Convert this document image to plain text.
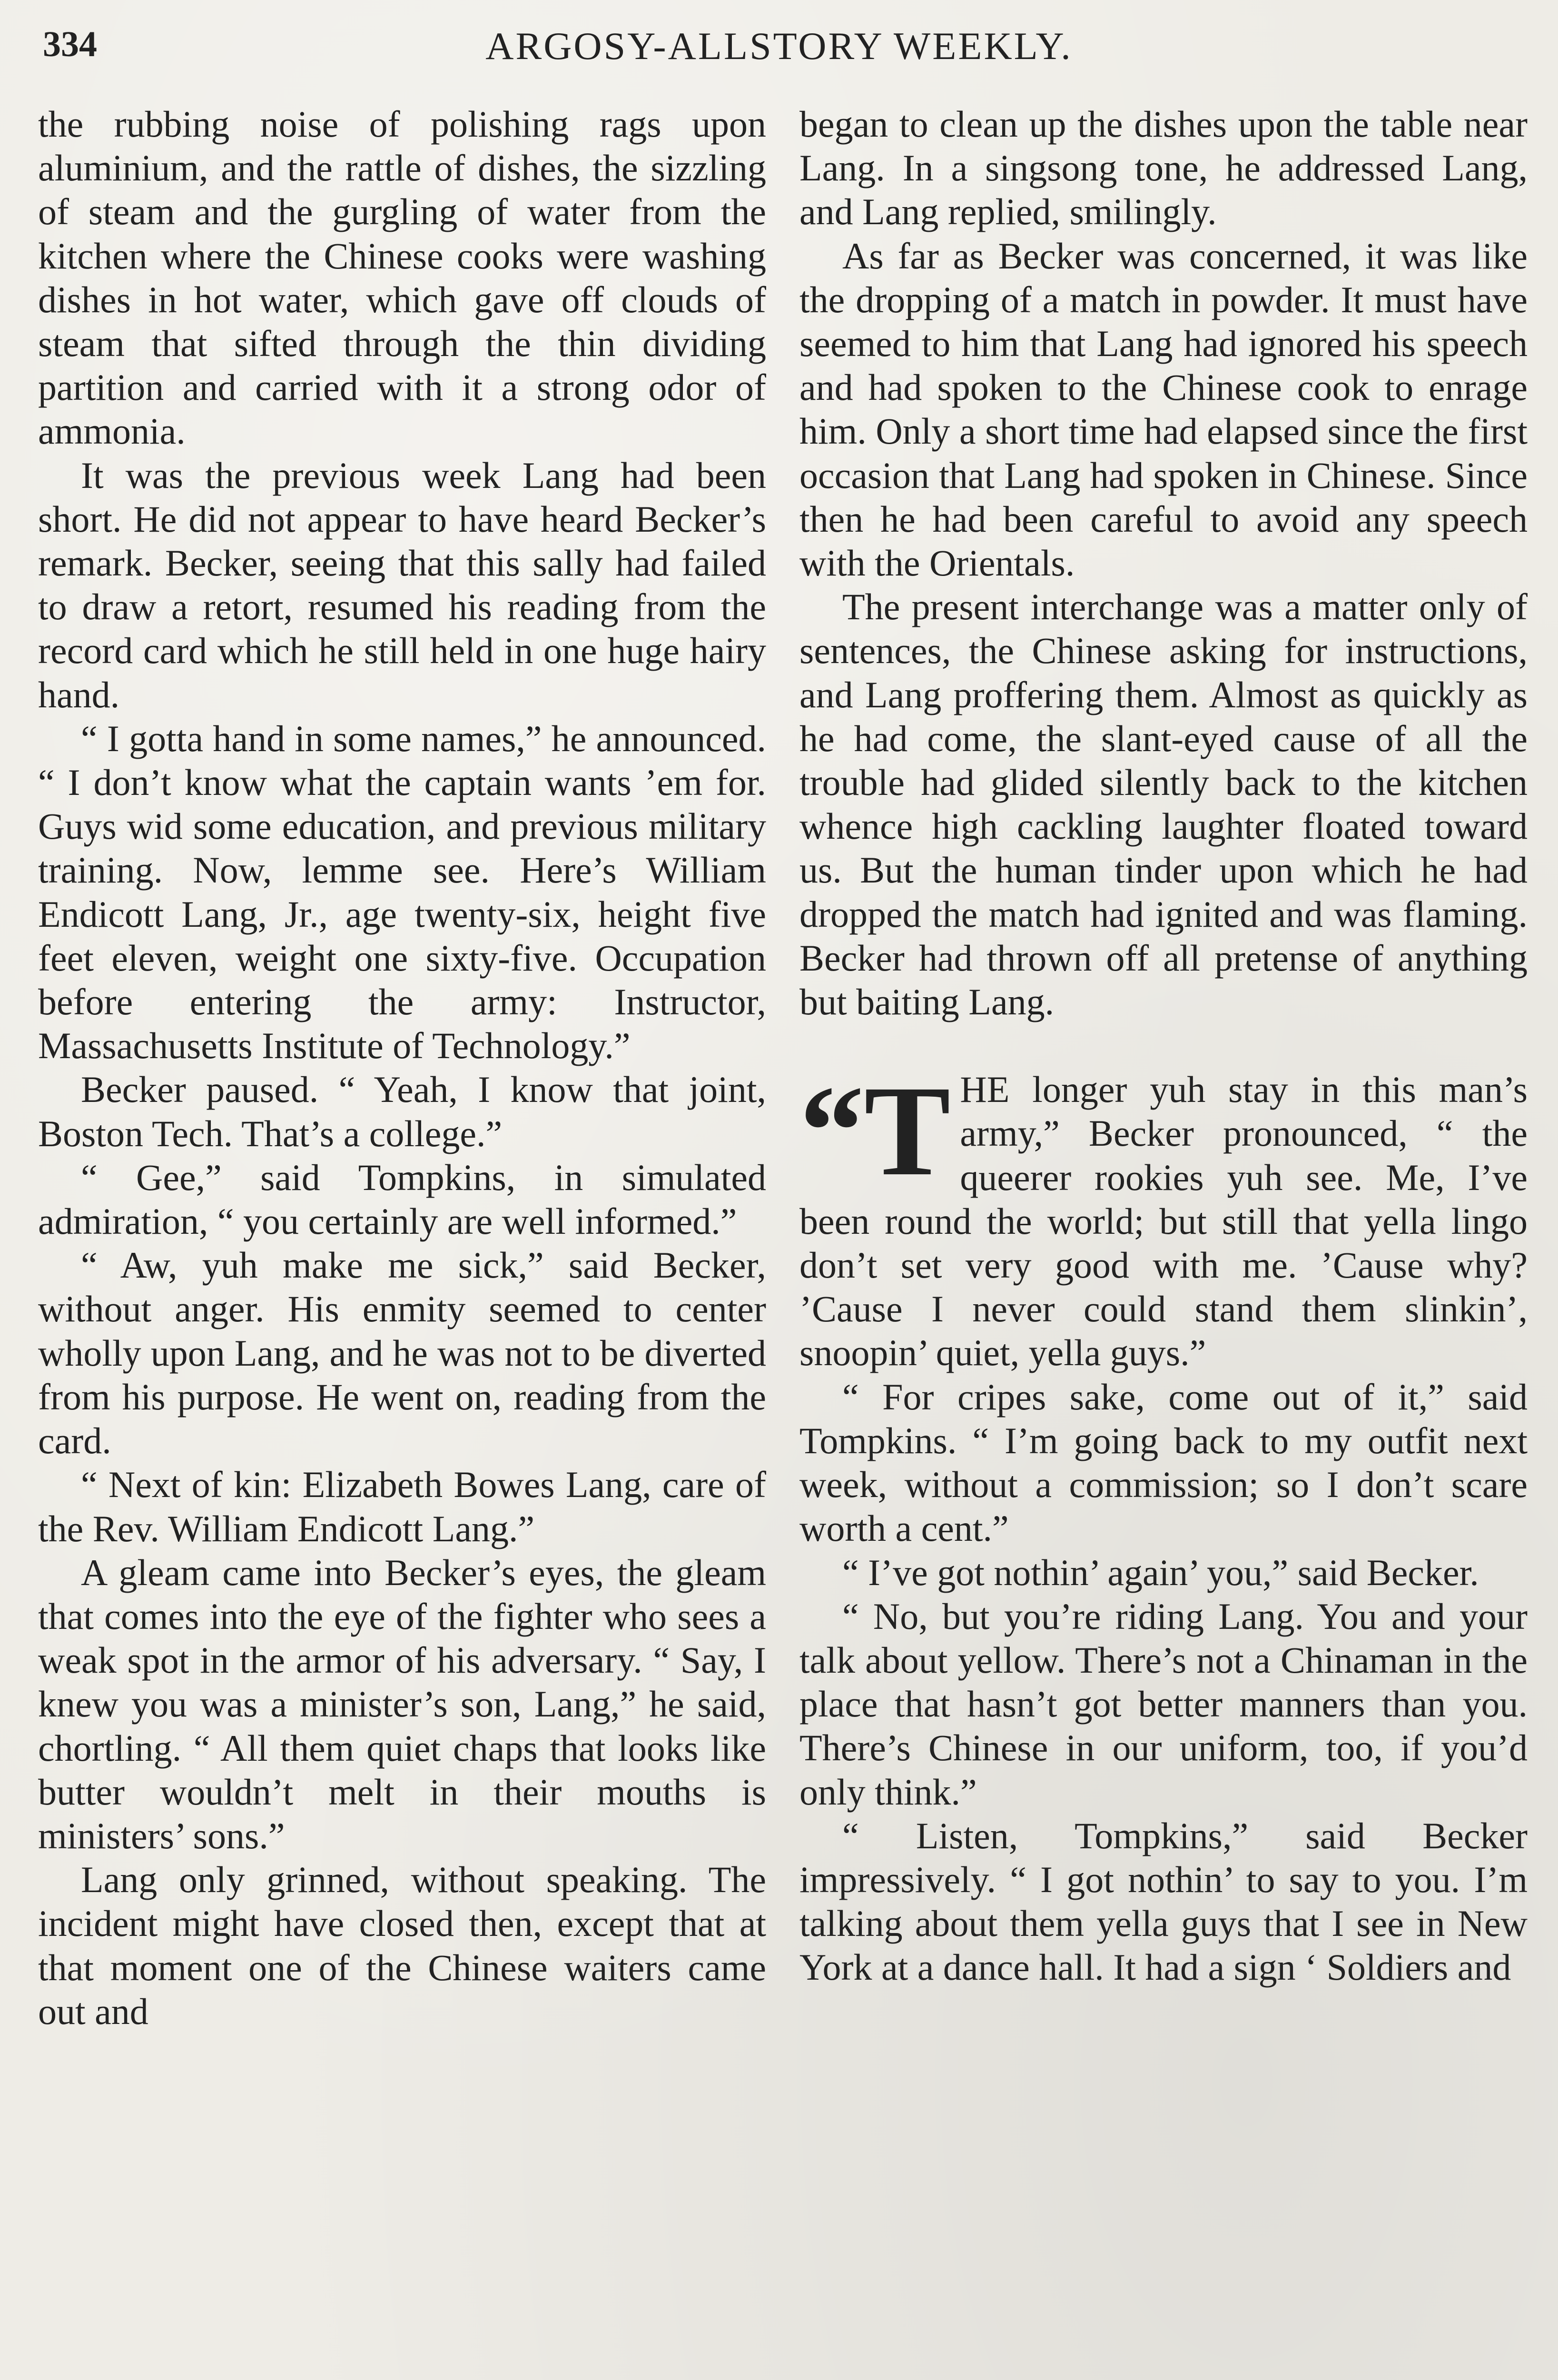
334	ARGOSY-ALLSTORY WEEKLY.

the rubbing noise of polishing rags upon aluminium, and the rattle of dishes, the sizzling of steam and the gurgling of water from the kitchen where the Chinese cooks were washing dishes in hot water, which gave off clouds of steam that sifted through the thin dividing partition and carried with it a strong odor of ammonia.

It was the previous week Lang had been short. He did not appear to have heard Becker’s remark. Becker, seeing that this sally had failed to draw a retort, resumed his reading from the record card which he still held in one huge hairy hand.

“ I gotta hand in some names,” he announced. “ I don’t know what the captain wants ’em for. Guys wid some education, and previous military training. Now, lemme see. Here’s William Endicott Lang, Jr., age twenty-six, height five feet eleven, weight one sixty-five. Occupation before entering the army: Instructor, Massachusetts Institute of Technology.”

Becker paused. “ Yeah, I know that joint, Boston Tech. That’s a college.”

“ Gee,” said Tompkins, in simulated admiration, “ you certainly are well informed.”

“ Aw, yuh make me sick,” said Becker, without anger. His enmity seemed to center wholly upon Lang, and he was not to be diverted from his purpose. He went on, reading from the card.

“ Next of kin: Elizabeth Bowes Lang, care of the Rev. William Endicott Lang.”

A gleam came into Becker’s eyes, the gleam that comes into the eye of the fighter who sees a weak spot in the armor of his adversary. “ Say, I knew you was a minister’s son, Lang,” he said, chortling. “ All them quiet chaps that looks like butter wouldn’t melt in their mouths is ministers’ sons.”

Lang only grinned, without speaking. The incident might have closed then, except that at that moment one of the Chinese waiters came out and

began to clean up the dishes upon the table near Lang. In a singsong tone, he addressed Lang, and Lang replied, smilingly.

As far as Becker was concerned, it was like the dropping of a match in powder. It must have seemed to him that Lang had ignored his speech and had spoken to the Chinese cook to enrage him. Only a short time had elapsed since the first occasion that Lang had spoken in Chinese. Since then he had been careful to avoid any speech with the Orientals.

The present interchange was a matter only of sentences, the Chinese asking for instructions, and Lang proffering them. Almost as quickly as he had come, the slant-eyed cause of all the trouble had glided silently back to the kitchen whence high cackling laughter floated toward us. But the human tinder upon which he had dropped the match had ignited and was flaming. Becker had thrown off all pretense of anything but baiting Lang.

“T HE longer yuh stay in this man’s army,” Becker pronounced, “ the queerer rookies yuh see. Me, I’ve been round the world; but still that yella lingo don’t set very good with me. ’Cause why? ’Cause I never could stand them slinkin’, snoopin’ quiet, yella guys.”

“ For cripes sake, come out of it,” said Tompkins. “ I’m going back to my outfit next week, without a commission; so I don’t scare worth a cent.”

“ I’ve got nothin’ again’ you,” said Becker.

“ No, but you’re riding Lang. You and your talk about yellow. There’s not a Chinaman in the place that hasn’t got better manners than you. There’s Chinese in our uniform, too, if you’d only think.”

“ Listen, Tompkins,” said Becker impressively. “ I got nothin’ to say to you. I’m talking about them yella guys that I see in New York at a dance hall. It had a sign ‘ Soldiers and
